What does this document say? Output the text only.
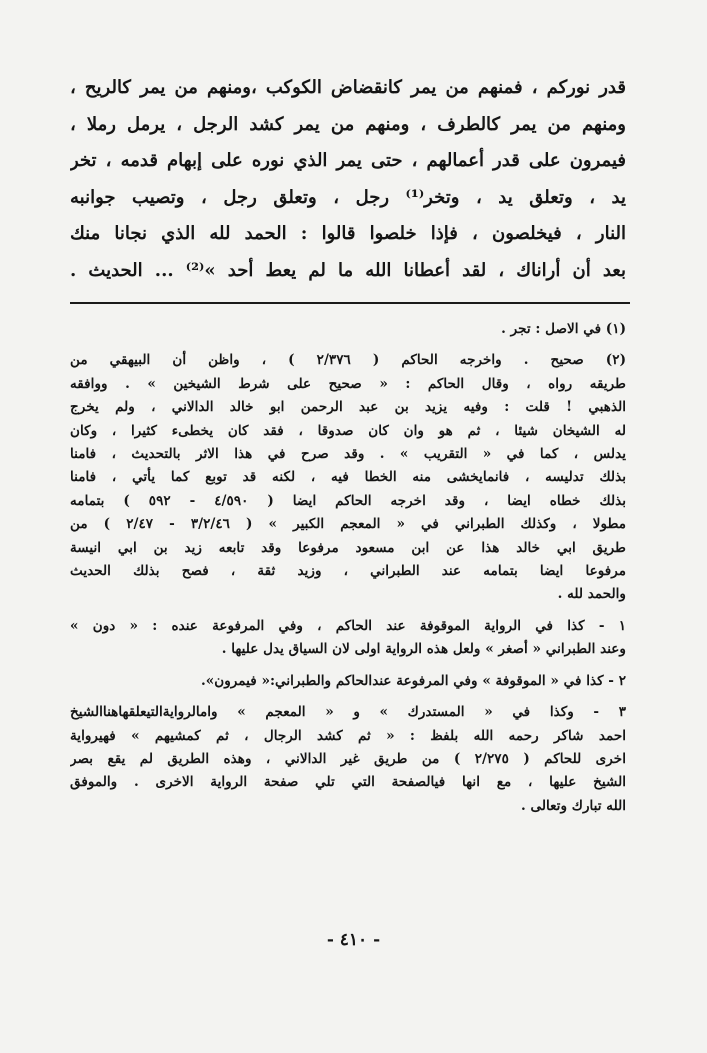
قدر نوركم ، فمنهم من يمر كانقضاض الكوكب ،ومنهم من يمر كالريح ،
ومنهم من يمر كالطرف ، ومنهم من يمر كشد الرجل ، يرمل رملا ،
فيمرون على قدر أعمالهم ، حتى يمر الذي نوره على إبهام قدمه ، تخر
يد ، وتعلق يد ، وتخر⁽¹⁾ رجل ، وتعلق رجل ، وتصيب جوانبه
النار ، فيخلصون ، فإذا خلصوا قالوا : الحمد لله الذي نجانا منك
بعد أن أراناك ، لقد أعطانا الله ما لم يعط أحد »⁽²⁾ ... الحديث .
(١) في الاصل : تجر .
(٢) صحيح . واخرجه الحاكم ( ٢/٣٧٦ ) ، واظن أن البيهقي من
طريقه رواه ، وقال الحاكم : « صحيح على شرط الشيخين » . ووافقه
الذهبي ! قلت : وفيه يزيد بن عبد الرحمن ابو خالد الدالاني ، ولم يخرج
له الشيخان شيئا ، ثم هو وان كان صدوقا ، فقد كان يخطىء كثيرا ، وكان
يدلس ، كما في « التقريب » . وقد صرح في هذا الاثر بالتحديث ، فامنا
بذلك تدليسه ، فانمايخشى منه الخطا فيه ، لكنه قد توبع كما يأتي ، فامنا
بذلك خطاه ايضا ، وقد اخرجه الحاكم ايضا ( ٤/٥٩٠ - ٥٩٢ ) بتمامه
مطولا ، وكذلك الطبراني في « المعجم الكبير » ( ٣/٢/٤٦ - ٢/٤٧ ) من
طريق ابي خالد هذا عن ابن مسعود مرفوعا وقد تابعه زيد بن ابي انيسة
مرفوعا ايضا بتمامه عند الطبراني ، وزيد ثقة ، فصح بذلك الحديث
والحمد لله .
١ - كذا في الرواية الموقوفة عند الحاكم ، وفي المرفوعة عنده : « دون »
وعند الطبراني « أصغر » ولعل هذه الرواية اولى لان السياق يدل عليها .
٢ - كذا في « الموقوفة » وفي المرفوعة عندالحاكم والطبراني:« فيمرون».
٣ - وكذا في « المستدرك » و « المعجم » وامالروايةالتيعلقهاهناالشيخ
احمد شاكر رحمه الله بلفظ : « ثم كشد الرجال ، ثم كمشيهم » فهيرواية
اخرى للحاكم ( ٢/٢٧٥ ) من طريق غير الدالاني ، وهذه الطريق لم يقع بصر
الشيخ عليها ، مع انها فيالصفحة التي تلي صفحة الرواية الاخرى . والموفق
الله تبارك وتعالى .
- ٤١٠ -
